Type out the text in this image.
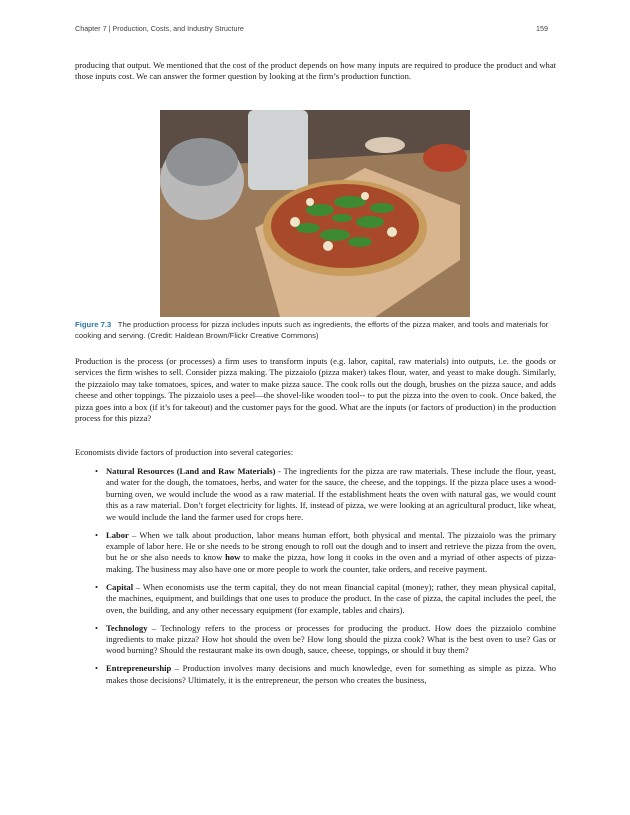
Chapter 7 | Production, Costs, and Industry Structure	159

producing that output. We mentioned that the cost of the product depends on how many inputs are required to produce the product and what those inputs cost. We can answer the former question by looking at the firm’s production function.

Figure 7.3 The production process for pizza includes inputs such as ingredients, the efforts of the pizza maker, and tools and materials for cooking and serving. (Credit: Haldean Brown/Flickr Creative Commons)

Production is the process (or processes) a firm uses to transform inputs (e.g. labor, capital, raw materials) into outputs, i.e. the goods or services the firm wishes to sell. Consider pizza making. The pizzaiolo (pizza maker) takes flour, water, and yeast to make dough. Similarly, the pizzaiolo may take tomatoes, spices, and water to make pizza sauce. The cook rolls out the dough, brushes on the pizza sauce, and adds cheese and other toppings. The pizzaiolo uses a peel—the shovel-like wooden tool-- to put the pizza into the oven to cook. Once baked, the pizza goes into a box (if it’s for takeout) and the customer pays for the good. What are the inputs (or factors of production) in the production process for this pizza?

Economists divide factors of production into several categories:

• Natural Resources (Land and Raw Materials) - The ingredients for the pizza are raw materials. These include the flour, yeast, and water for the dough, the tomatoes, herbs, and water for the sauce, the cheese, and the toppings. If the pizza place uses a wood-burning oven, we would include the wood as a raw material. If the establishment heats the oven with natural gas, we would count this as a raw material. Don’t forget electricity for lights. If, instead of pizza, we were looking at an agricultural product, like wheat, we would include the land the farmer used for crops here.
• Labor – When we talk about production, labor means human effort, both physical and mental. The pizzaiolo was the primary example of labor here. He or she needs to be strong enough to roll out the dough and to insert and retrieve the pizza from the oven, but he or she also needs to know how to make the pizza, how long it cooks in the oven and a myriad of other aspects of pizza-making. The business may also have one or more people to work the counter, take orders, and receive payment.
• Capital – When economists use the term capital, they do not mean financial capital (money); rather, they mean physical capital, the machines, equipment, and buildings that one uses to produce the product. In the case of pizza, the capital includes the peel, the oven, the building, and any other necessary equipment (for example, tables and chairs).
• Technology – Technology refers to the process or processes for producing the product. How does the pizzaiolo combine ingredients to make pizza? How hot should the oven be? How long should the pizza cook? What is the best oven to use? Gas or wood burning? Should the restaurant make its own dough, sauce, cheese, toppings, or should it buy them?
• Entrepreneurship – Production involves many decisions and much knowledge, even for something as simple as pizza. Who makes those decisions? Ultimately, it is the entrepreneur, the person who creates the business,
